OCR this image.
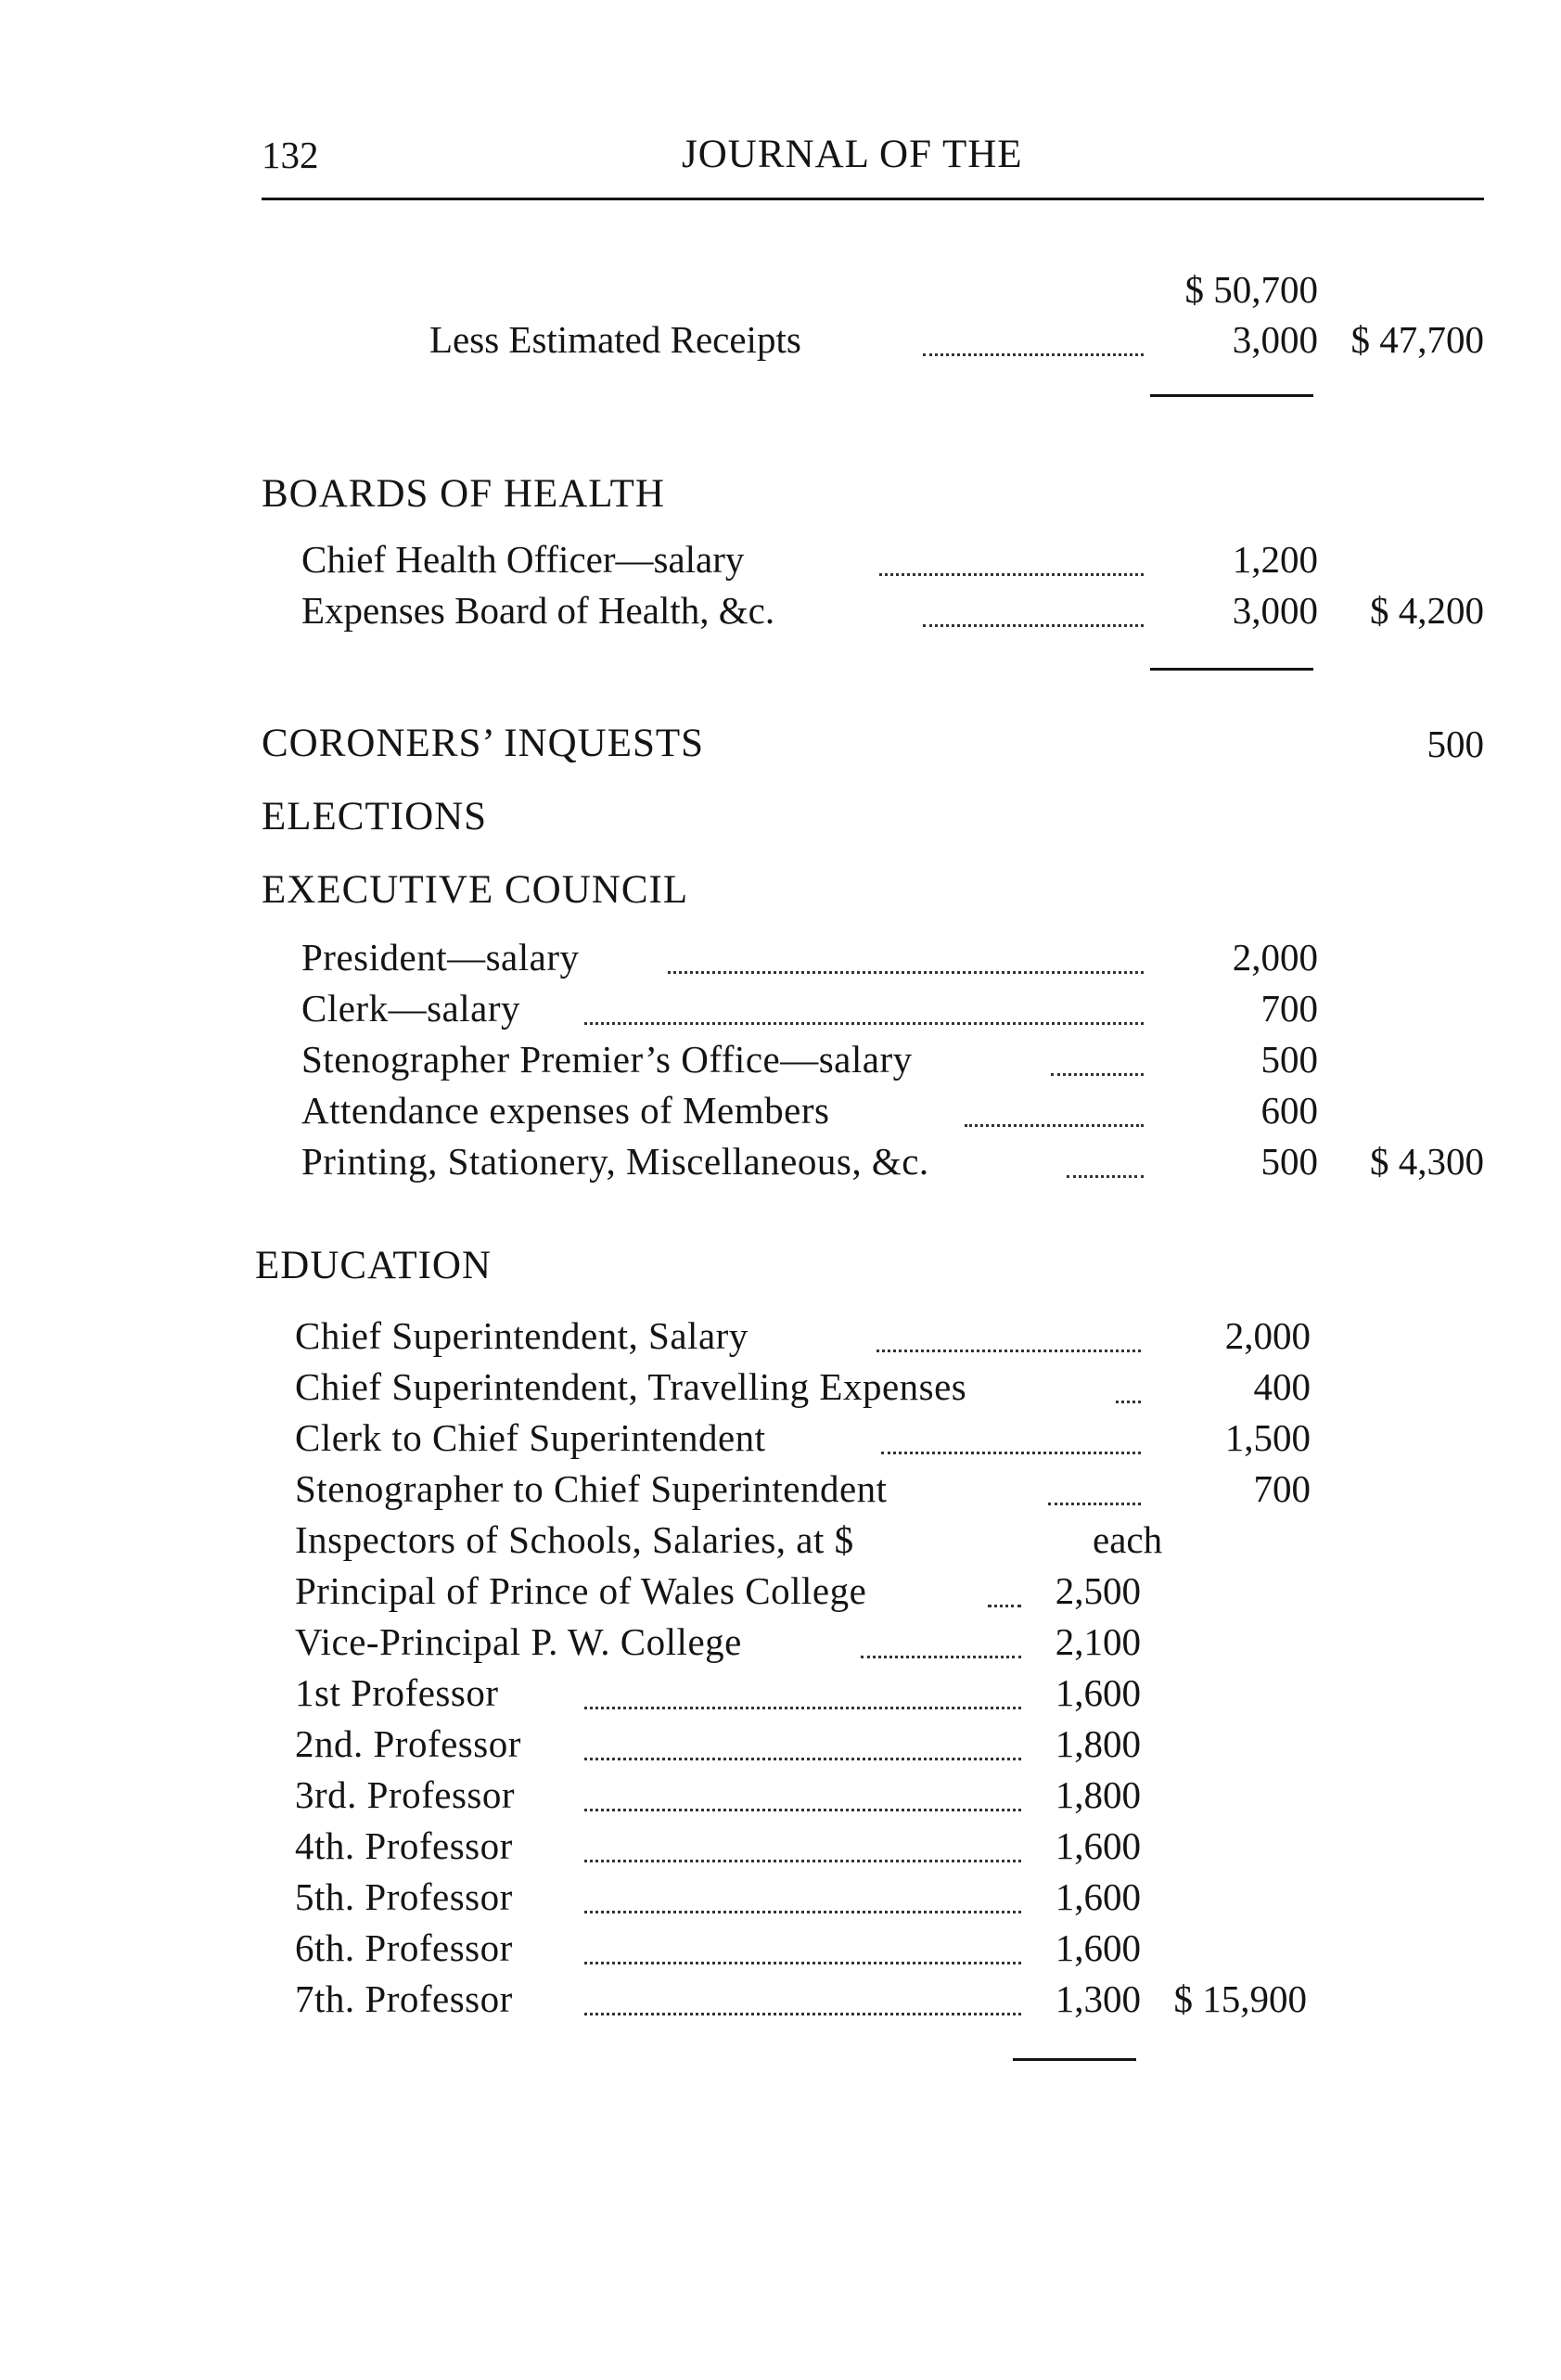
132	JOURNAL OF THE
$ 50,700
Less Estimated Receipts	3,000 $ 47,700
BOARDS OF HEALTH
Chief Health Officer—salary	1,200
Expenses Board of Health, &c.	3,000	$ 4,200
CORONERS’ INQUESTS	500
ELECTIONS
EXECUTIVE COUNCIL
President—salary	2,000
Clerk—salary	700
Stenographer Premier’s Office—salary	500
Attendance expenses of Members	600
Printing, Stationery, Miscellaneous, &c.	500	$ 4,300
EDUCATION
Chief Superintendent, Salary	2,000
Chief Superintendent, Travelling Expenses	400
Clerk to Chief Superintendent	1,500
Stenographer to Chief Superintendent	700
Inspectors of Schools, Salaries, at $	each
Principal of Prince of Wales College	2,500
Vice-Principal P. W. College	2,100
1st Professor	1,600
2nd. Professor	1,800
3rd. Professor	1,800
4th. Professor	1,600
5th. Professor	1,600
6th. Professor	1,600
7th. Professor	1,300 $ 15,900
